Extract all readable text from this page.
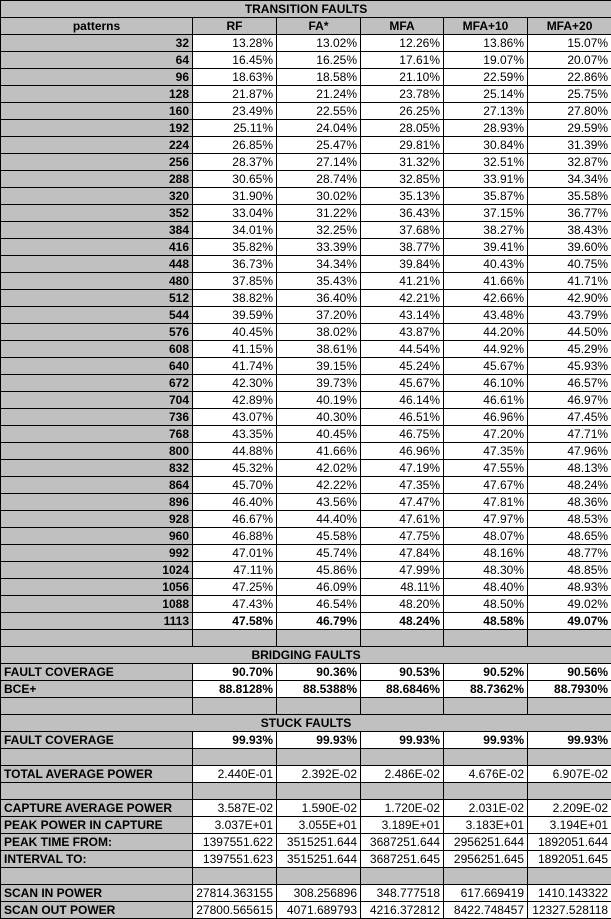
TRANSITION FAULTS					
patterns	RF	FA*	MFA	MFA+10	MFA+20
32	13.28%	13.02%	12.26%	13.86%	15.07%
64	16.45%	16.25%	17.61%	19.07%	20.07%
96	18.63%	18.58%	21.10%	22.59%	22.86%
128	21.87%	21.24%	23.78%	25.14%	25.75%
160	23.49%	22.55%	26.25%	27.13%	27.80%
192	25.11%	24.04%	28.05%	28.93%	29.59%
224	26.85%	25.47%	29.81%	30.84%	31.39%
256	28.37%	27.14%	31.32%	32.51%	32.87%
288	30.65%	28.74%	32.85%	33.91%	34.34%
320	31.90%	30.02%	35.13%	35.87%	35.58%
352	33.04%	31.22%	36.43%	37.15%	36.77%
384	34.01%	32.25%	37.68%	38.27%	38.43%
416	35.82%	33.39%	38.77%	39.41%	39.60%
448	36.73%	34.34%	39.84%	40.43%	40.75%
480	37.85%	35.43%	41.21%	41.66%	41.71%
512	38.82%	36.40%	42.21%	42.66%	42.90%
544	39.59%	37.20%	43.14%	43.48%	43.79%
576	40.45%	38.02%	43.87%	44.20%	44.50%
608	41.15%	38.61%	44.54%	44.92%	45.29%
640	41.74%	39.15%	45.24%	45.67%	45.93%
672	42.30%	39.73%	45.67%	46.10%	46.57%
704	42.89%	40.19%	46.14%	46.61%	46.97%
736	43.07%	40.30%	46.51%	46.96%	47.45%
768	43.35%	40.45%	46.75%	47.20%	47.71%
800	44.88%	41.66%	46.96%	47.35%	47.96%
832	45.32%	42.02%	47.19%	47.55%	48.13%
864	45.70%	42.22%	47.35%	47.67%	48.24%
896	46.40%	43.56%	47.47%	47.81%	48.36%
928	46.67%	44.40%	47.61%	47.97%	48.53%
960	46.88%	45.58%	47.75%	48.07%	48.65%
992	47.01%	45.74%	47.84%	48.16%	48.77%
1024	47.11%	45.86%	47.99%	48.30%	48.85%
1056	47.25%	46.09%	48.11%	48.40%	48.93%
1088	47.43%	46.54%	48.20%	48.50%	49.02%
1113	47.58%	46.79%	48.24%	48.58%	49.07%

BRIDGING FAULTS					
FAULT COVERAGE	90.70%	90.36%	90.53%	90.52%	90.56%
BCE+	88.8128%	88.5388%	88.6846%	88.7362%	88.7930%

STUCK FAULTS					
FAULT COVERAGE	99.93%	99.93%	99.93%	99.93%	99.93%

TOTAL AVERAGE POWER	2.440E-01	2.392E-02	2.486E-02	4.676E-02	6.907E-02

CAPTURE AVERAGE POWER	3.587E-02	1.590E-02	1.720E-02	2.031E-02	2.209E-02
PEAK POWER IN CAPTURE	3.037E+01	3.055E+01	3.189E+01	3.183E+01	3.194E+01
PEAK TIME FROM:	1397551.622	3515251.644	3687251.644	2956251.644	1892051.644
INTERVAL TO:	1397551.623	3515251.644	3687251.645	2956251.645	1892051.645

SCAN IN POWER	27814.363155	308.256896	348.777518	617.669419	1410.143322
SCAN OUT POWER	27800.565615	4071.689793	4216.372812	8422.748457	12327.528118
